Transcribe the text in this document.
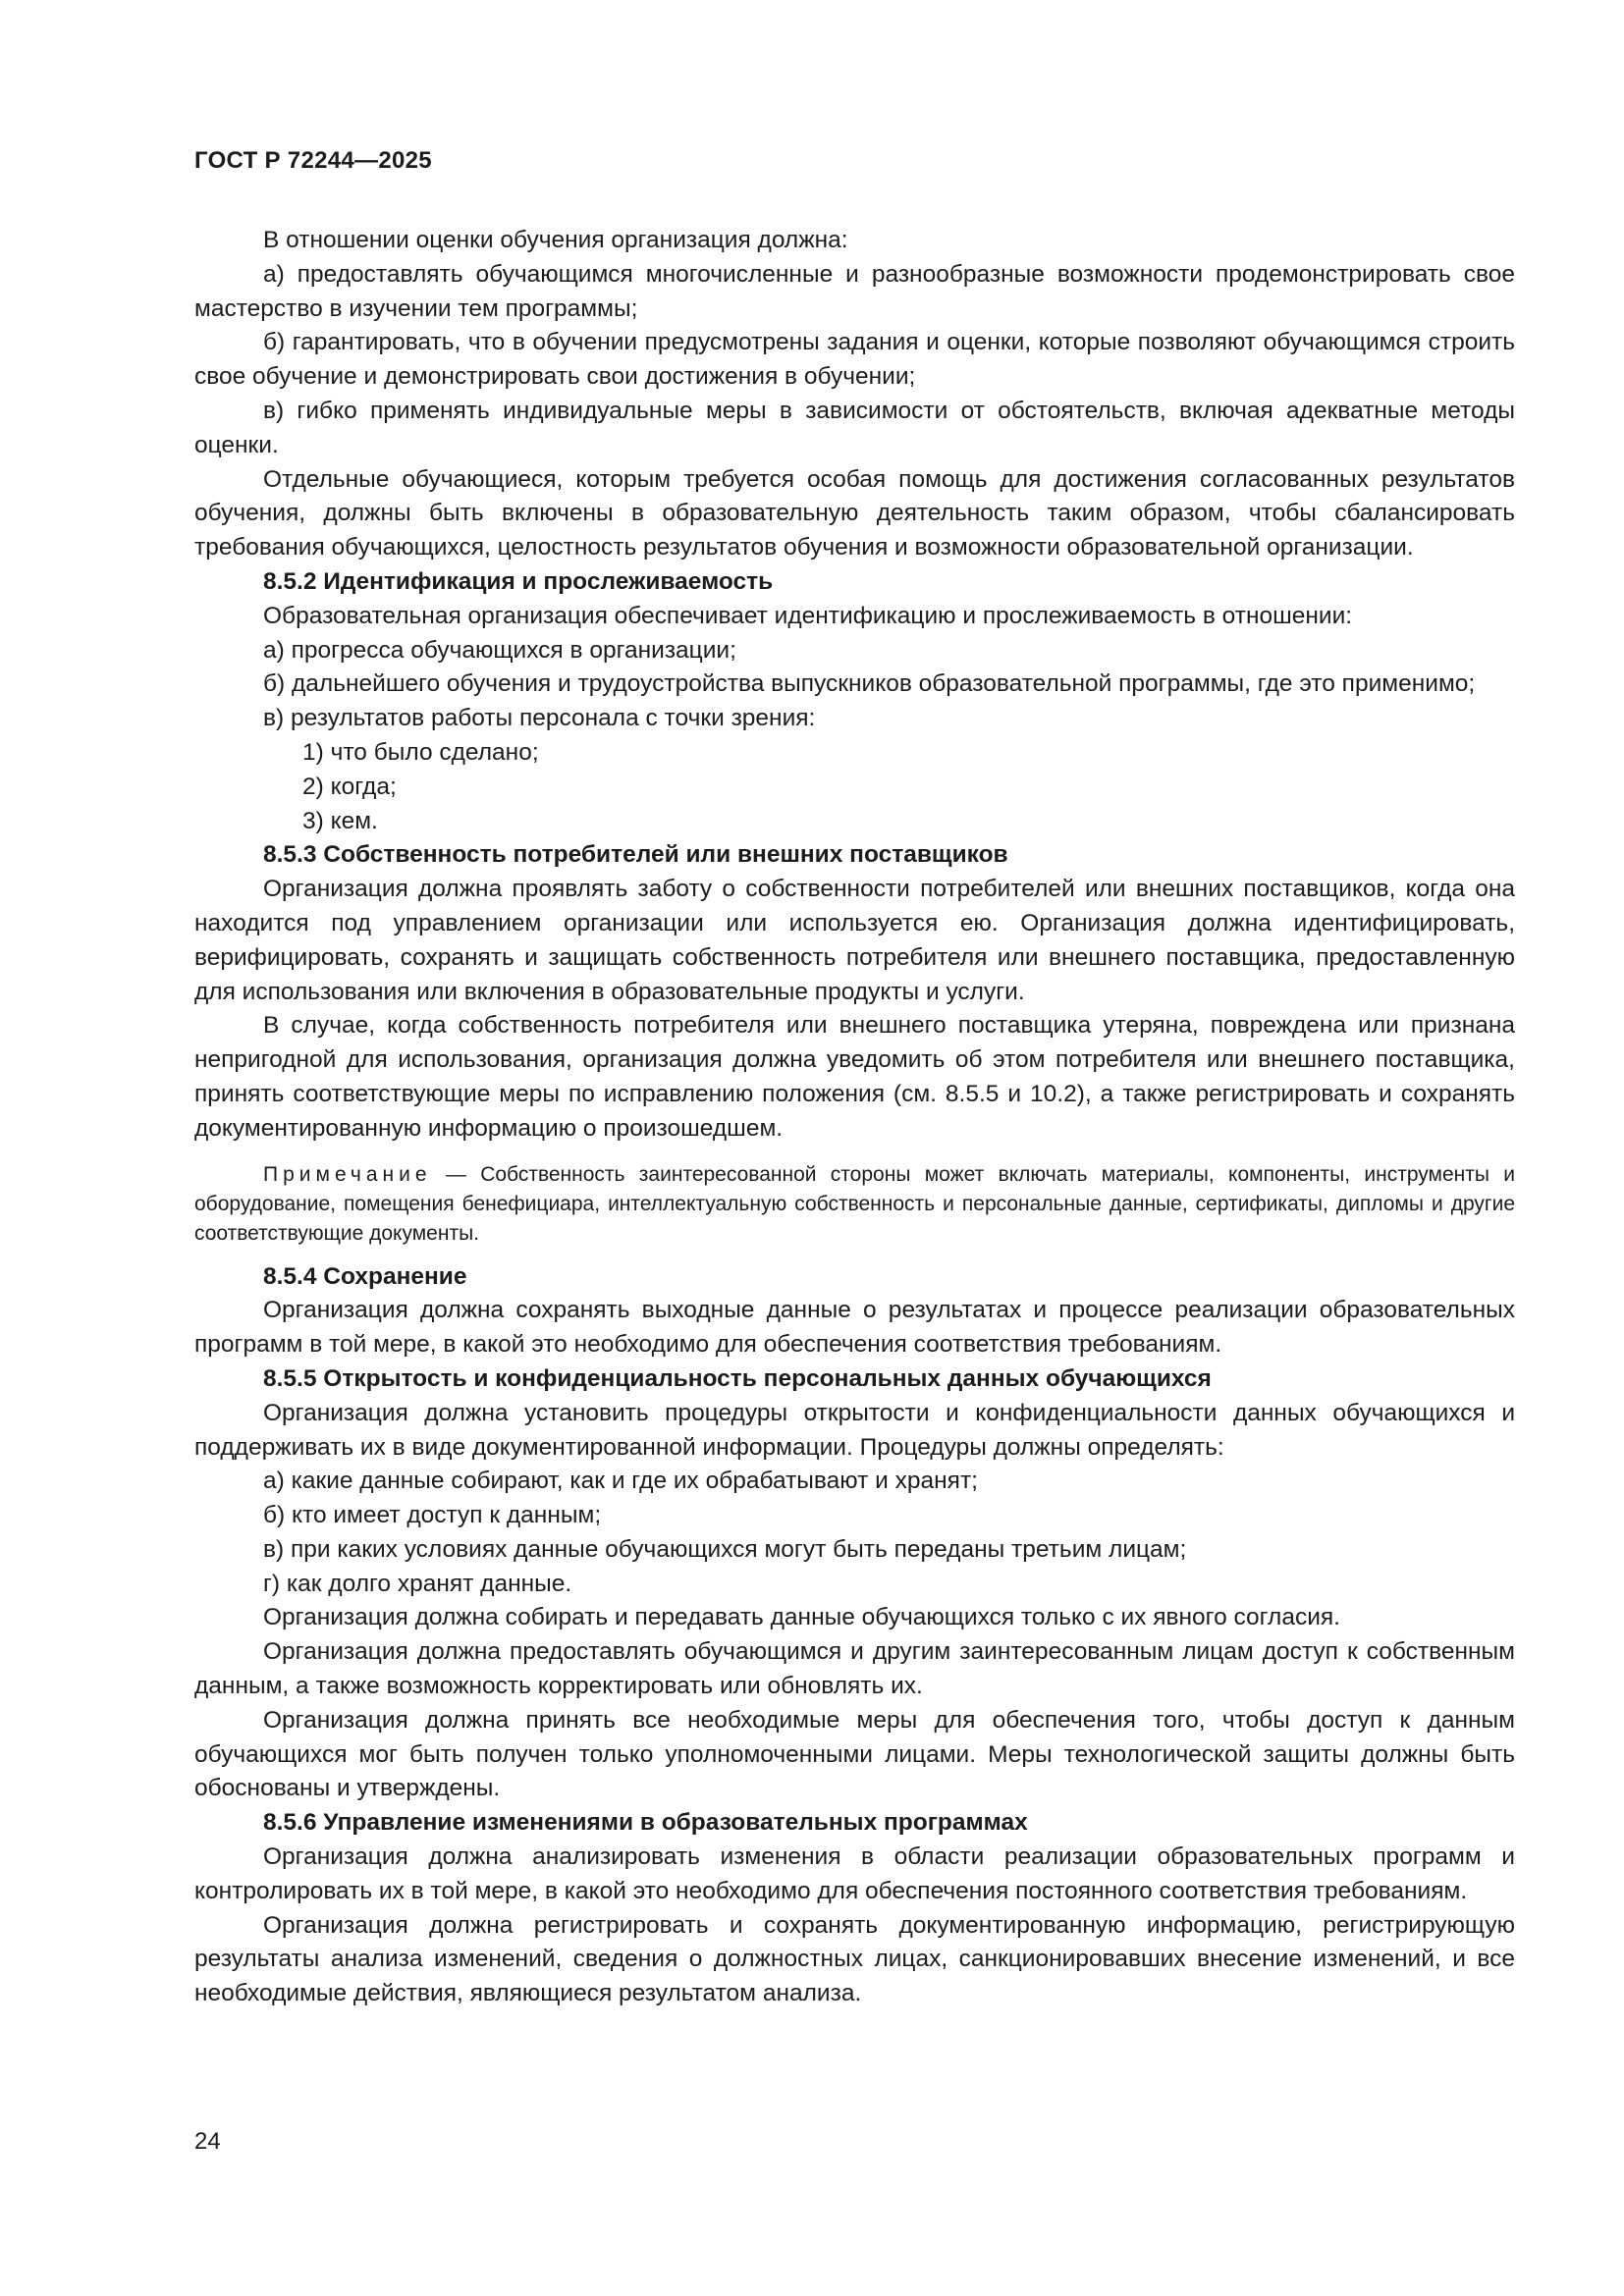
ГОСТ Р 72244—2025

В отношении оценки обучения организация должна:

а) предоставлять обучающимся многочисленные и разнообразные возможности продемонстрировать свое мастерство в изучении тем программы;

б) гарантировать, что в обучении предусмотрены задания и оценки, которые позволяют обучающимся строить свое обучение и демонстрировать свои достижения в обучении;

в) гибко применять индивидуальные меры в зависимости от обстоятельств, включая адекватные методы оценки.

Отдельные обучающиеся, которым требуется особая помощь для достижения согласованных результатов обучения, должны быть включены в образовательную деятельность таким образом, чтобы сбалансировать требования обучающихся, целостность результатов обучения и возможности образовательной организации.

8.5.2 Идентификация и прослеживаемость

Образовательная организация обеспечивает идентификацию и прослеживаемость в отношении:

а) прогресса обучающихся в организации;

б) дальнейшего обучения и трудоустройства выпускников образовательной программы, где это применимо;

в) результатов работы персонала с точки зрения:

1) что было сделано;

2) когда;

3) кем.

8.5.3 Собственность потребителей или внешних поставщиков

Организация должна проявлять заботу о собственности потребителей или внешних поставщиков, когда она находится под управлением организации или используется ею. Организация должна идентифицировать, верифицировать, сохранять и защищать собственность потребителя или внешнего поставщика, предоставленную для использования или включения в образовательные продукты и услуги.

В случае, когда собственность потребителя или внешнего поставщика утеряна, повреждена или признана непригодной для использования, организация должна уведомить об этом потребителя или внешнего поставщика, принять соответствующие меры по исправлению положения (см. 8.5.5 и 10.2), а также регистрировать и сохранять документированную информацию о произошедшем.

Примечание — Собственность заинтересованной стороны может включать материалы, компоненты, инструменты и оборудование, помещения бенефициара, интеллектуальную собственность и персональные данные, сертификаты, дипломы и другие соответствующие документы.

8.5.4 Сохранение

Организация должна сохранять выходные данные о результатах и процессе реализации образовательных программ в той мере, в какой это необходимо для обеспечения соответствия требованиям.

8.5.5 Открытость и конфиденциальность персональных данных обучающихся

Организация должна установить процедуры открытости и конфиденциальности данных обучающихся и поддерживать их в виде документированной информации. Процедуры должны определять:

а) какие данные собирают, как и где их обрабатывают и хранят;

б) кто имеет доступ к данным;

в) при каких условиях данные обучающихся могут быть переданы третьим лицам;

г) как долго хранят данные.

Организация должна собирать и передавать данные обучающихся только с их явного согласия.

Организация должна предоставлять обучающимся и другим заинтересованным лицам доступ к собственным данным, а также возможность корректировать или обновлять их.

Организация должна принять все необходимые меры для обеспечения того, чтобы доступ к данным обучающихся мог быть получен только уполномоченными лицами. Меры технологической защиты должны быть обоснованы и утверждены.

8.5.6 Управление изменениями в образовательных программах

Организация должна анализировать изменения в области реализации образовательных программ и контролировать их в той мере, в какой это необходимо для обеспечения постоянного соответствия требованиям.

Организация должна регистрировать и сохранять документированную информацию, регистрирующую результаты анализа изменений, сведения о должностных лицах, санкционировавших внесение изменений, и все необходимые действия, являющиеся результатом анализа.

24
